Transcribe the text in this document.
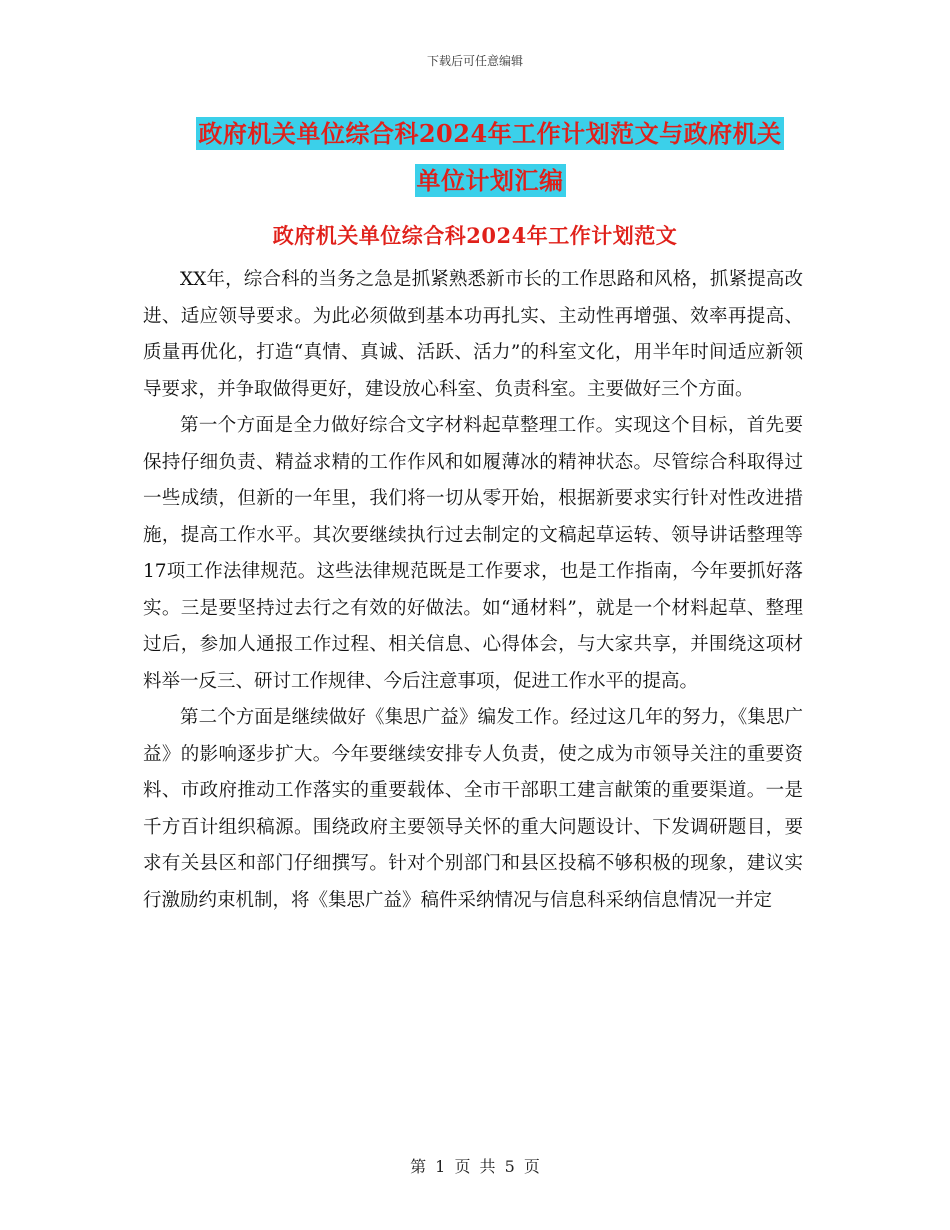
下载后可任意编辑
政府机关单位综合科2024年工作计划范文与政府机关
单位计划汇编
政府机关单位综合科2024年工作计划范文

XX年，综合科的当务之急是抓紧熟悉新市长的工作思路和风格，抓紧提高改进、适应领导要求。为此必须做到基本功再扎实、主动性再增强、效率再提高、质量再优化，打造“真情、真诚、活跃、活力”的科室文化，用半年时间适应新领导要求，并争取做得更好，建设放心科室、负责科室。主要做好三个方面。

第一个方面是全力做好综合文字材料起草整理工作。实现这个目标，首先要保持仔细负责、精益求精的工作作风和如履薄冰的精神状态。尽管综合科取得过一些成绩，但新的一年里，我们将一切从零开始，根据新要求实行针对性改进措施，提高工作水平。其次要继续执行过去制定的文稿起草运转、领导讲话整理等17项工作法律规范。这些法律规范既是工作要求，也是工作指南，今年要抓好落实。三是要坚持过去行之有效的好做法。如“通材料”，就是一个材料起草、整理过后，参加人通报工作过程、相关信息、心得体会，与大家共享，并围绕这项材料举一反三、研讨工作规律、今后注意事项，促进工作水平的提高。

第二个方面是继续做好《集思广益》编发工作。经过这几年的努力，《集思广益》的影响逐步扩大。今年要继续安排专人负责，使之成为市领导关注的重要资料、市政府推动工作落实的重要载体、全市干部职工建言献策的重要渠道。一是千方百计组织稿源。围绕政府主要领导关怀的重大问题设计、下发调研题目，要求有关县区和部门仔细撰写。针对个别部门和县区投稿不够积极的现象，建议实行激励约束机制，将《集思广益》稿件采纳情况与信息科采纳信息情况一并定

第 1 页 共 5 页
